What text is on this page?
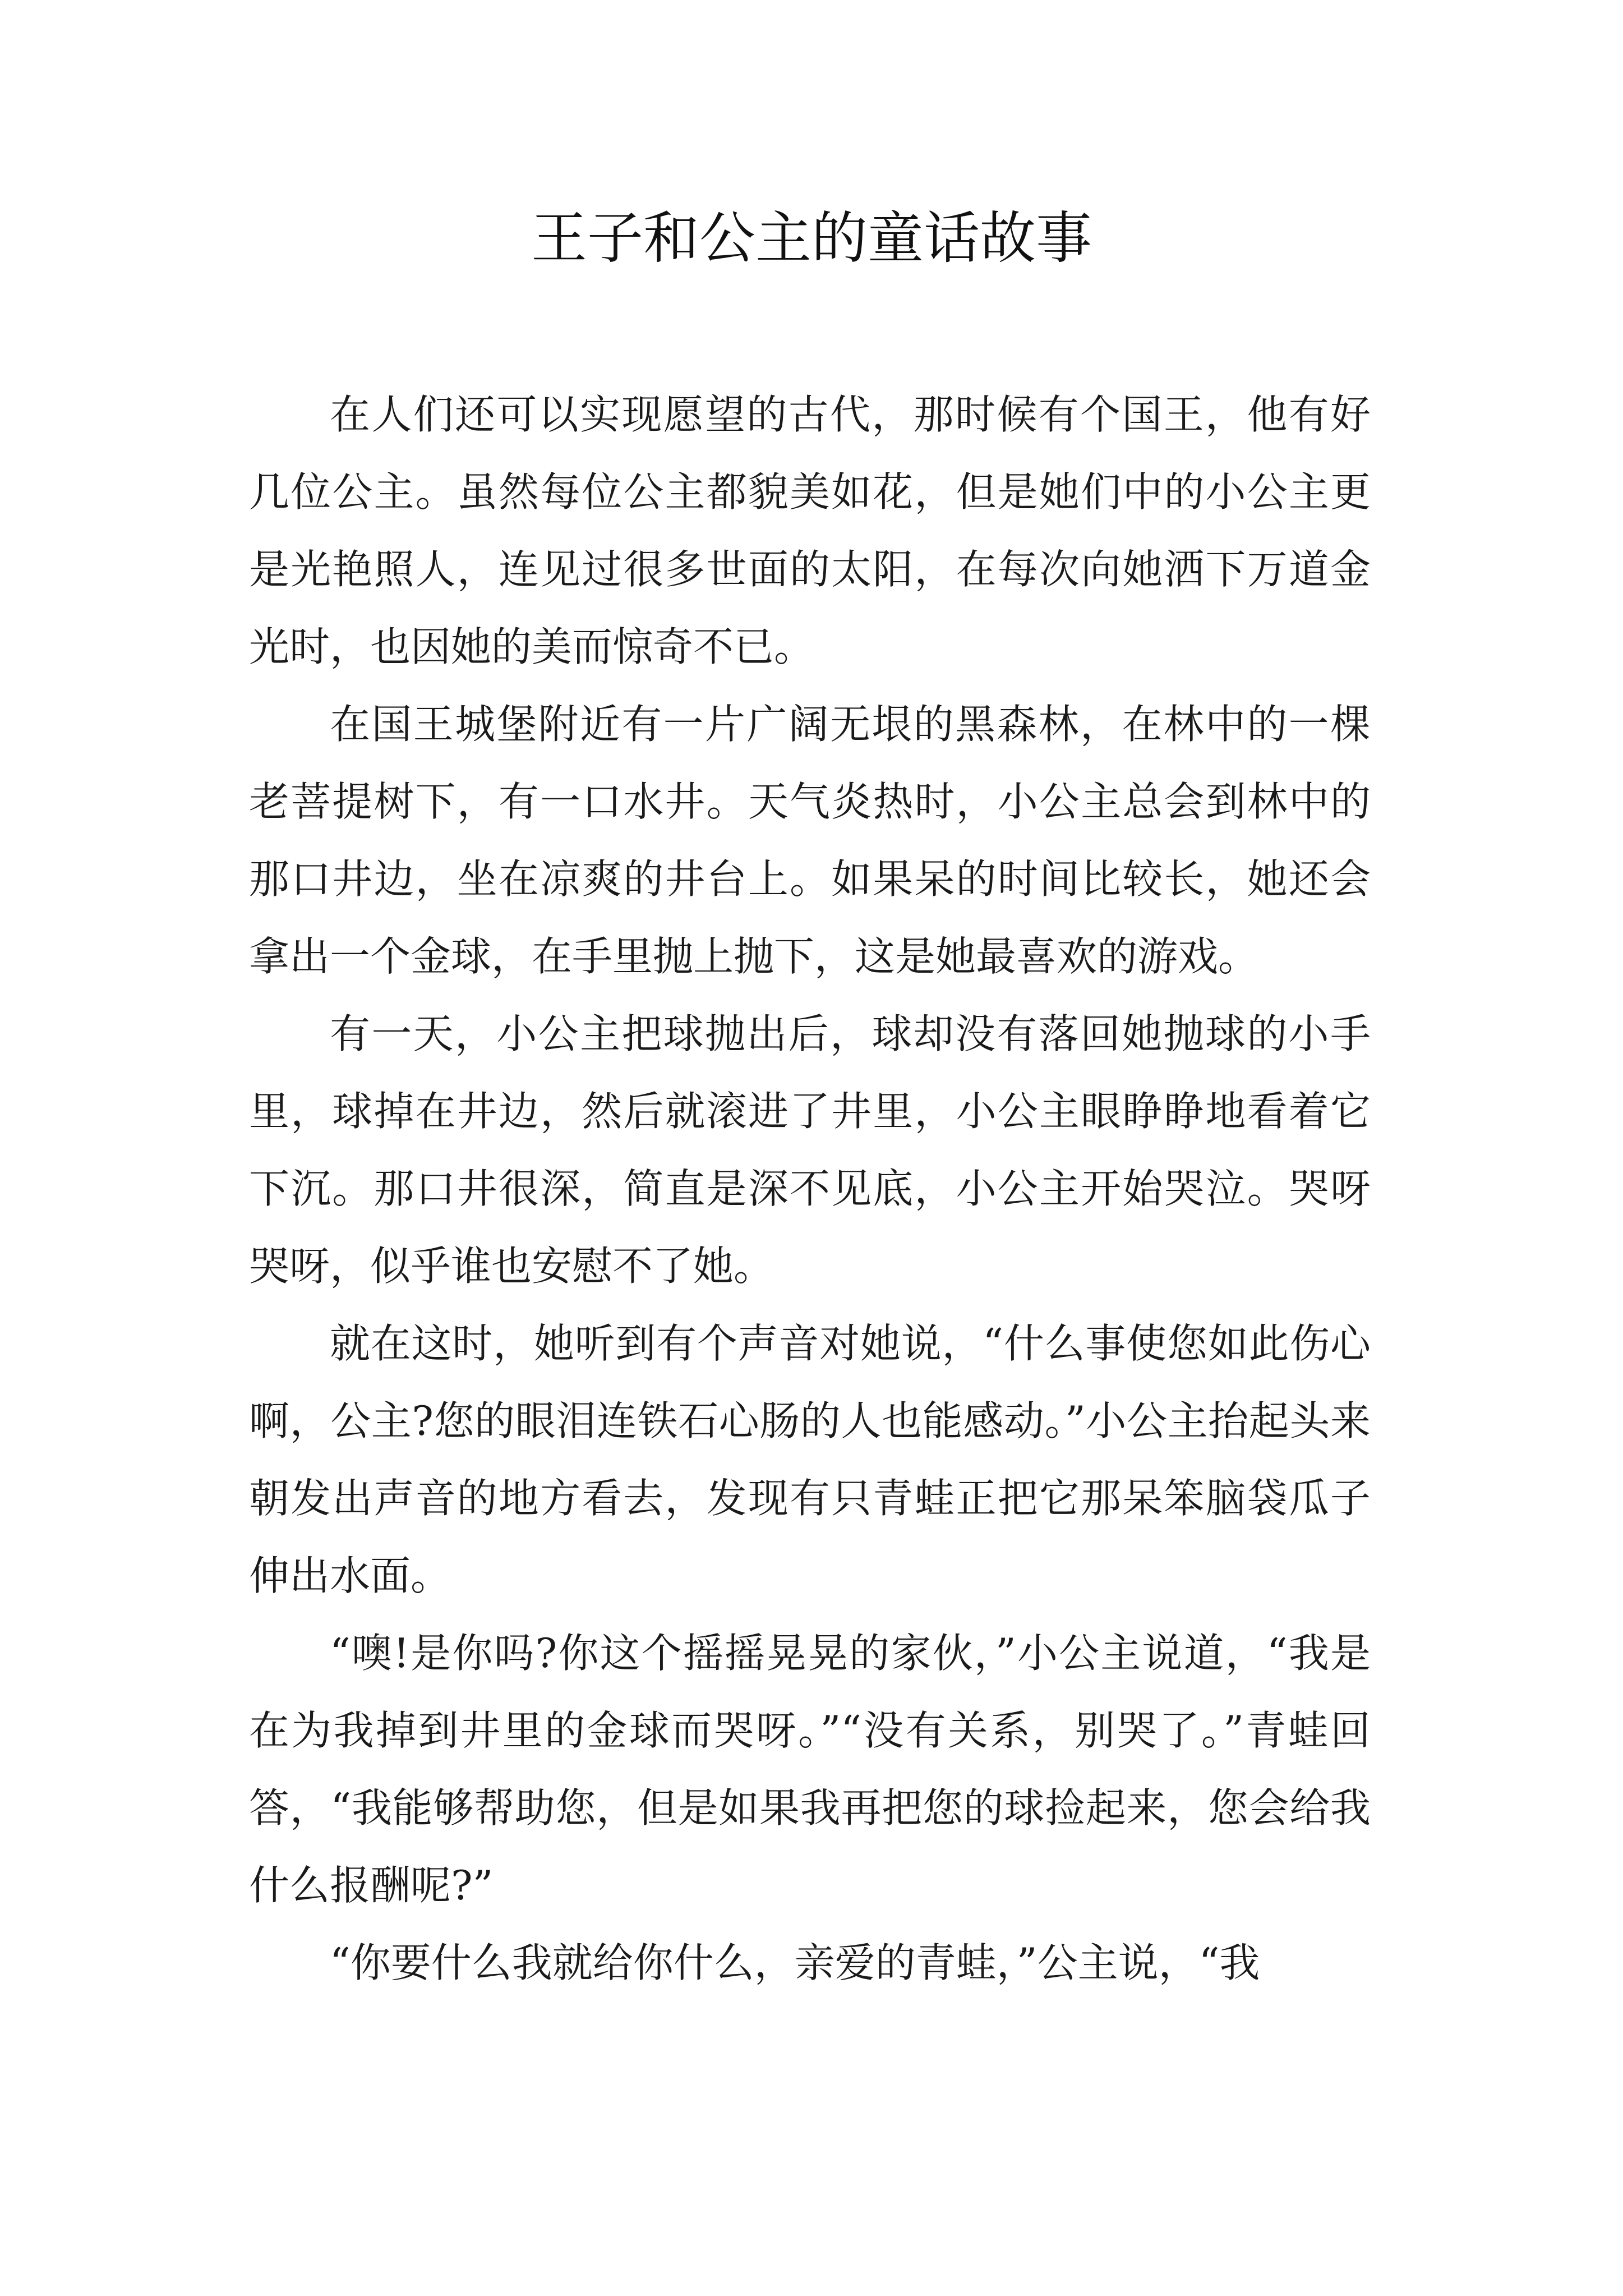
王子和公主的童话故事

在人们还可以实现愿望的古代，那时候有个国王，他有好几位公主。虽然每位公主都貌美如花，但是她们中的小公主更是光艳照人，连见过很多世面的太阳，在每次向她洒下万道金光时，也因她的美而惊奇不已。

在国王城堡附近有一片广阔无垠的黑森林，在林中的一棵老菩提树下，有一口水井。天气炎热时，小公主总会到林中的那口井边，坐在凉爽的井台上。如果呆的时间比较长，她还会拿出一个金球，在手里抛上抛下，这是她最喜欢的游戏。

有一天，小公主把球抛出后，球却没有落回她抛球的小手里，球掉在井边，然后就滚进了井里，小公主眼睁睁地看着它下沉。那口井很深，简直是深不见底，小公主开始哭泣。哭呀哭呀，似乎谁也安慰不了她。

就在这时，她听到有个声音对她说，“什么事使您如此伤心啊，公主?您的眼泪连铁石心肠的人也能感动。”小公主抬起头来朝发出声音的地方看去，发现有只青蛙正把它那呆笨脑袋瓜子伸出水面。

“噢!是你吗?你这个摇摇晃晃的家伙，”小公主说道，“我是在为我掉到井里的金球而哭呀。”“没有关系，别哭了。”青蛙回答，“我能够帮助您，但是如果我再把您的球捡起来，您会给我什么报酬呢?”

“你要什么我就给你什么，亲爱的青蛙，”公主说，“我
